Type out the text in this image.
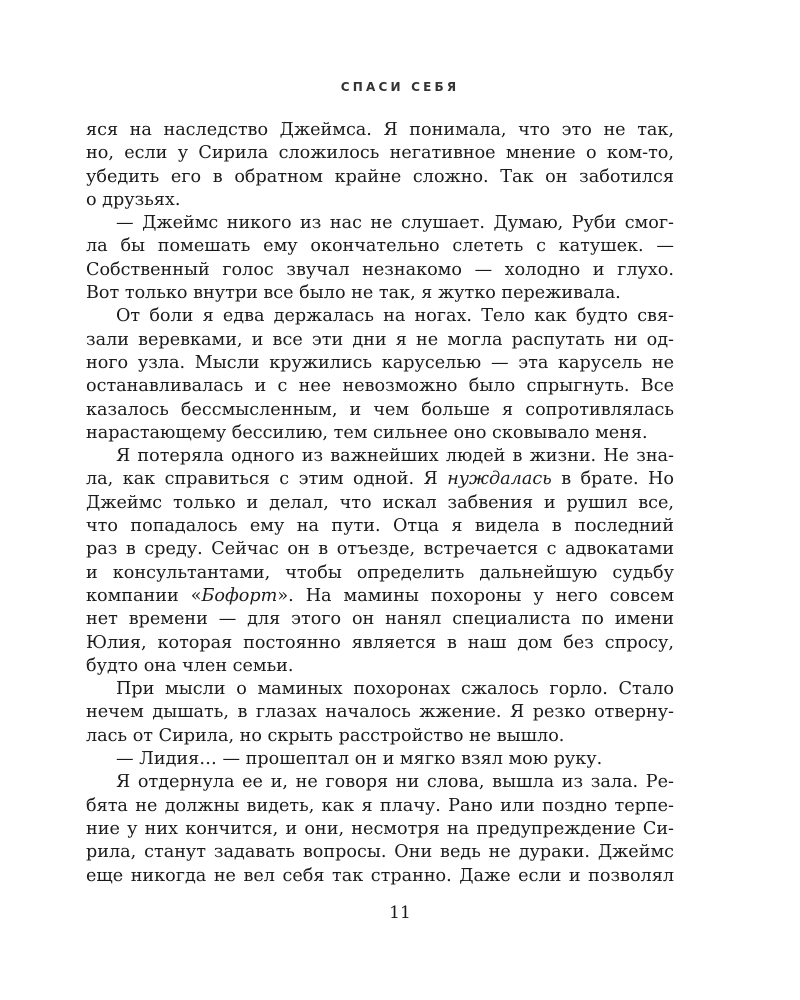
СПАСИ СЕБЯ
яся на наследство Джеймса. Я понимала, что это не так,
но, если у Сирила сложилось негативное мнение о ком-то,
убедить его в обратном крайне сложно. Так он заботился
о друзьях.
— Джеймс никого из нас не слушает. Думаю, Руби смог-
ла бы помешать ему окончательно слететь с катушек. —
Собственный голос звучал незнакомо — холодно и глухо.
Вот только внутри все было не так, я жутко переживала.
От боли я едва держалась на ногах. Тело как будто свя-
зали веревками, и все эти дни я не могла распутать ни од-
ного узла. Мысли кружились каруселью — эта карусель не
останавливалась и с нее невозможно было спрыгнуть. Все
казалось бессмысленным, и чем больше я сопротивлялась
нарастающему бессилию, тем сильнее оно сковывало меня.
Я потеряла одного из важнейших людей в жизни. Не зна-
ла, как справиться с этим одной. Я нуждалась в брате. Но
Джеймс только и делал, что искал забвения и рушил все,
что попадалось ему на пути. Отца я видела в последний
раз в среду. Сейчас он в отъезде, встречается с адвокатами
и консультантами, чтобы определить дальнейшую судьбу
компании «Бофорт». На мамины похороны у него совсем
нет времени — для этого он нанял специалиста по имени
Юлия, которая постоянно является в наш дом без спросу,
будто она член семьи.
При мысли о маминых похоронах сжалось горло. Стало
нечем дышать, в глазах началось жжение. Я резко отверну-
лась от Сирила, но скрыть расстройство не вышло.
— Лидия… — прошептал он и мягко взял мою руку.
Я отдернула ее и, не говоря ни слова, вышла из зала. Ре-
бята не должны видеть, как я плачу. Рано или поздно терпе-
ние у них кончится, и они, несмотря на предупреждение Си-
рила, станут задавать вопросы. Они ведь не дураки. Джеймс
еще никогда не вел себя так странно. Даже если и позволял
11
